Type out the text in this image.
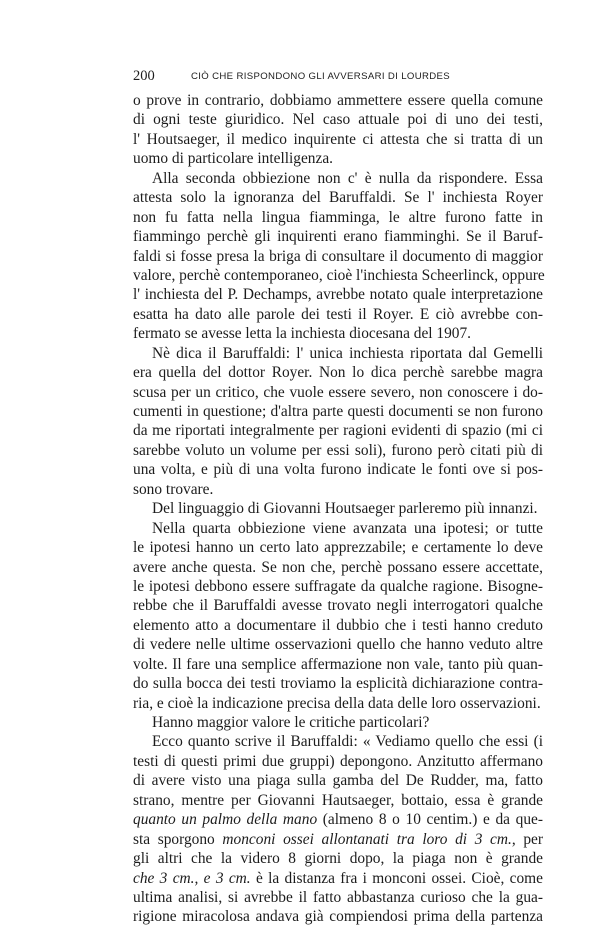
200	CIÒ CHE RISPONDONO GLI AVVERSARI DI LOURDES
o prove in contrario, dobbiamo ammettere essere quella comune
di ogni teste giuridico. Nel caso attuale poi di uno dei testi,
l' Houtsaeger, il medico inquirente ci attesta che si tratta di un
uomo di particolare intelligenza.
Alla seconda obbiezione non c' è nulla da rispondere. Essa
attesta solo la ignoranza del Baruffaldi. Se l' inchiesta Royer
non fu fatta nella lingua fiamminga, le altre furono fatte in
fiammingo perchè gli inquirenti erano fiamminghi. Se il Baruf-
faldi si fosse presa la briga di consultare il documento di maggior
valore, perchè contemporaneo, cioè l'inchiesta Scheerlinck, oppure
l' inchiesta del P. Dechamps, avrebbe notato quale interpretazione
esatta ha dato alle parole dei testi il Royer. E ciò avrebbe con-
fermato se avesse letta la inchiesta diocesana del 1907.
Nè dica il Baruffaldi: l' unica inchiesta riportata dal Gemelli
era quella del dottor Royer. Non lo dica perchè sarebbe magra
scusa per un critico, che vuole essere severo, non conoscere i do-
cumenti in questione; d'altra parte questi documenti se non furono
da me riportati integralmente per ragioni evidenti di spazio (mi ci
sarebbe voluto un volume per essi soli), furono però citati più di
una volta, e più di una volta furono indicate le fonti ove si pos-
sono trovare.
Del linguaggio di Giovanni Houtsaeger parleremo più innanzi.
Nella quarta obbiezione viene avanzata una ipotesi; or tutte
le ipotesi hanno un certo lato apprezzabile; e certamente lo deve
avere anche questa. Se non che, perchè possano essere accettate,
le ipotesi debbono essere suffragate da qualche ragione. Bisogne-
rebbe che il Baruffaldi avesse trovato negli interrogatori qualche
elemento atto a documentare il dubbio che i testi hanno creduto
di vedere nelle ultime osservazioni quello che hanno veduto altre
volte. Il fare una semplice affermazione non vale, tanto più quan-
do sulla bocca dei testi troviamo la esplicità dichiarazione contra-
ria, e cioè la indicazione precisa della data delle loro osservazioni.
Hanno maggior valore le critiche particolari?
Ecco quanto scrive il Baruffaldi: « Vediamo quello che essi (i
testi di questi primi due gruppi) depongono. Anzitutto affermano
di avere visto una piaga sulla gamba del De Rudder, ma, fatto
strano, mentre per Giovanni Hautsaeger, bottaio, essa è grande
quanto un palmo della mano (almeno 8 o 10 centim.) e da que-
sta sporgono monconi ossei allontanati tra loro di 3 cm., per
gli altri che la videro 8 giorni dopo, la piaga non è grande
che 3 cm., e 3 cm. è la distanza fra i monconi ossei. Cioè, come
ultima analisi, si avrebbe il fatto abbastanza curioso che la gua-
rigione miracolosa andava già compiendosi prima della partenza
